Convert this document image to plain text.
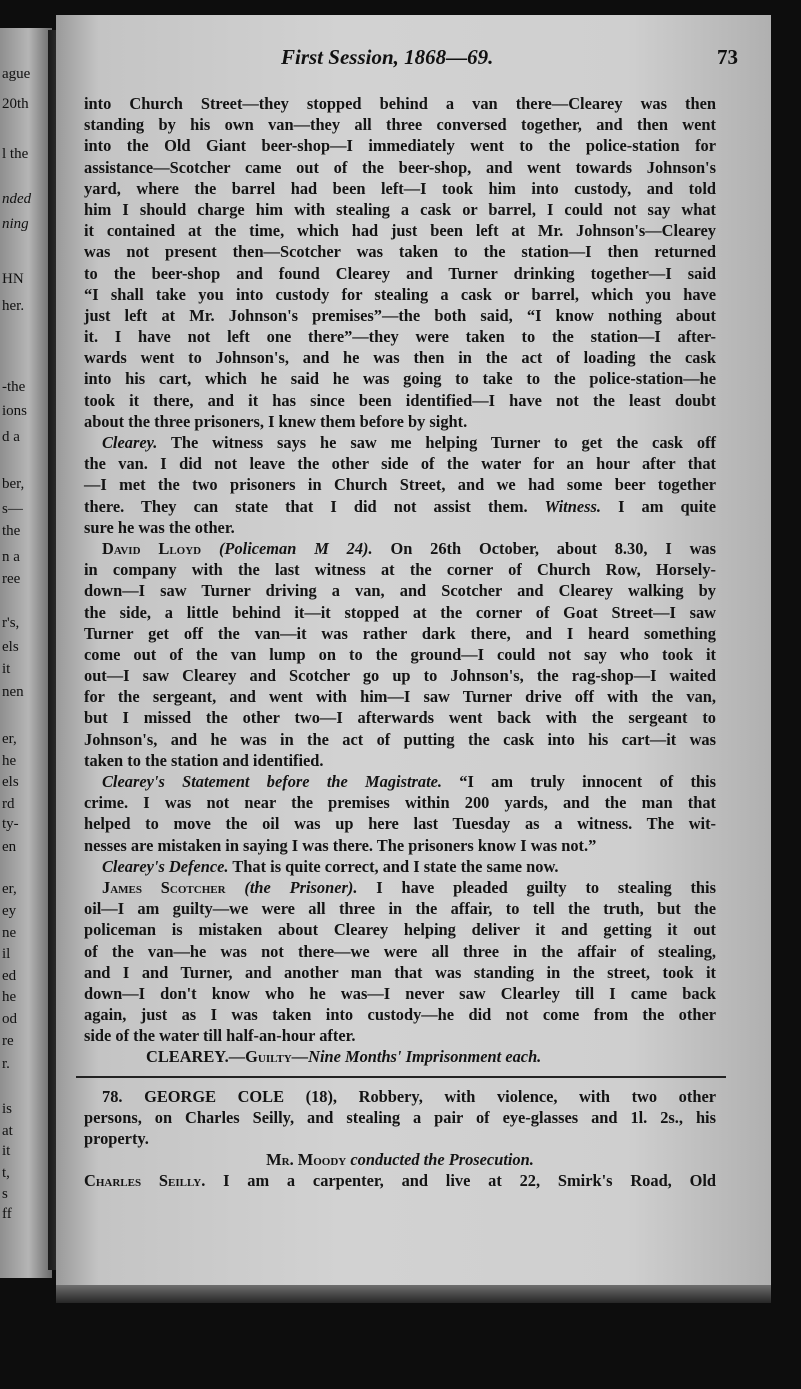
ague
20th
l the
nded
ning
HN
her.
-the
ions
d a
ber,
s—
the
n a
ree
r's,
els
it
nen
er,
he
els
rd
ty-
en
er,
ey
ne
il
ed
he
od
re
r.
is
at
it
t,
s
ff
First Session, 1868—69.	73
into Church Street—they stopped behind a van there—Clearey was then
standing by his own van—they all three conversed together, and then went
into the Old Giant beer-shop—I immediately went to the police-station for
assistance—Scotcher came out of the beer-shop, and went towards Johnson's
yard, where the barrel had been left—I took him into custody, and told
him I should charge him with stealing a cask or barrel, I could not say what
it contained at the time, which had just been left at Mr. Johnson's—Clearey
was not present then—Scotcher was taken to the station—I then returned
to the beer-shop and found Clearey and Turner drinking together—I said
“I shall take you into custody for stealing a cask or barrel, which you have
just left at Mr. Johnson's premises”—the both said, “I know nothing about
it. I have not left one there”—they were taken to the station—I after-
wards went to Johnson's, and he was then in the act of loading the cask
into his cart, which he said he was going to take to the police-station—he
took it there, and it has since been identified—I have not the least doubt
about the three prisoners, I knew them before by sight.
Clearey. The witness says he saw me helping Turner to get the cask off
the van. I did not leave the other side of the water for an hour after that
—I met the two prisoners in Church Street, and we had some beer together
there. They can state that I did not assist them. Witness. I am quite
sure he was the other.
David Lloyd (Policeman M 24). On 26th October, about 8.30, I was
in company with the last witness at the corner of Church Row, Horsely-
down—I saw Turner driving a van, and Scotcher and Clearey walking by
the side, a little behind it—it stopped at the corner of Goat Street—I saw
Turner get off the van—it was rather dark there, and I heard something
come out of the van lump on to the ground—I could not say who took it
out—I saw Clearey and Scotcher go up to Johnson's, the rag-shop—I waited
for the sergeant, and went with him—I saw Turner drive off with the van,
but I missed the other two—I afterwards went back with the sergeant to
Johnson's, and he was in the act of putting the cask into his cart—it was
taken to the station and identified.
Clearey's Statement before the Magistrate. “I am truly innocent of this
crime. I was not near the premises within 200 yards, and the man that
helped to move the oil was up here last Tuesday as a witness. The wit-
nesses are mistaken in saying I was there. The prisoners know I was not.”
Clearey's Defence. That is quite correct, and I state the same now.
James Scotcher (the Prisoner). I have pleaded guilty to stealing this
oil—I am guilty—we were all three in the affair, to tell the truth, but the
policeman is mistaken about Clearey helping deliver it and getting it out
of the van—he was not there—we were all three in the affair of stealing,
and I and Turner, and another man that was standing in the street, took it
down—I don't know who he was—I never saw Clearley till I came back
again, just as I was taken into custody—he did not come from the other
side of the water till half-an-hour after.
CLEAREY.—Guilty—Nine Months' Imprisonment each.
78. GEORGE COLE (18), Robbery, with violence, with two other
persons, on Charles Seilly, and stealing a pair of eye-glasses and 1l. 2s., his
property.
Mr. Moody conducted the Prosecution.
Charles Seilly. I am a carpenter, and live at 22, Smirk's Road, Old
